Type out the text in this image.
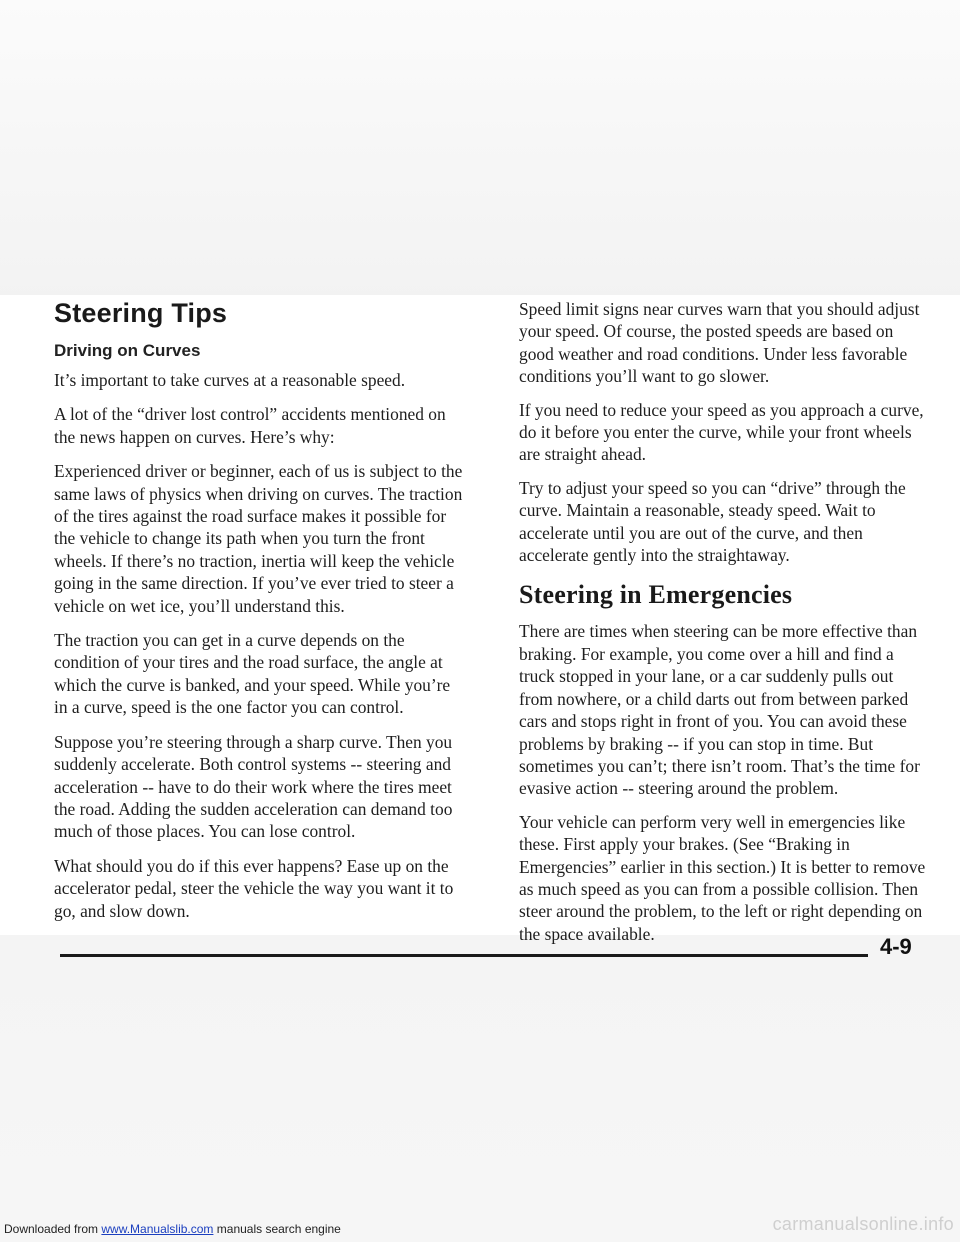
Steering Tips
Driving on Curves

It’s important to take curves at a reasonable speed.

A lot of the “driver lost control” accidents mentioned on the news happen on curves. Here’s why:

Experienced driver or beginner, each of us is subject to the same laws of physics when driving on curves. The traction of the tires against the road surface makes it possible for the vehicle to change its path when you turn the front wheels. If there’s no traction, inertia will keep the vehicle going in the same direction. If you’ve ever tried to steer a vehicle on wet ice, you’ll understand this.

The traction you can get in a curve depends on the condition of your tires and the road surface, the angle at which the curve is banked, and your speed. While you’re in a curve, speed is the one factor you can control.

Suppose you’re steering through a sharp curve. Then you suddenly accelerate. Both control systems -- steering and acceleration -- have to do their work where the tires meet the road. Adding the sudden acceleration can demand too much of those places. You can lose control.

What should you do if this ever happens? Ease up on the accelerator pedal, steer the vehicle the way you want it to go, and slow down.

Speed limit signs near curves warn that you should adjust your speed. Of course, the posted speeds are based on good weather and road conditions. Under less favorable conditions you’ll want to go slower.

If you need to reduce your speed as you approach a curve, do it before you enter the curve, while your front wheels are straight ahead.

Try to adjust your speed so you can “drive” through the curve. Maintain a reasonable, steady speed. Wait to accelerate until you are out of the curve, and then accelerate gently into the straightaway.

Steering in Emergencies

There are times when steering can be more effective than braking. For example, you come over a hill and find a truck stopped in your lane, or a car suddenly pulls out from nowhere, or a child darts out from between parked cars and stops right in front of you. You can avoid these problems by braking -- if you can stop in time. But sometimes you can’t; there isn’t room. That’s the time for evasive action -- steering around the problem.

Your vehicle can perform very well in emergencies like these. First apply your brakes. (See “Braking in Emergencies” earlier in this section.) It is better to remove as much speed as you can from a possible collision. Then steer around the problem, to the left or right depending on the space available.

4-9
Downloaded from www.Manualslib.com manuals search engine	carmanualsonline.info
